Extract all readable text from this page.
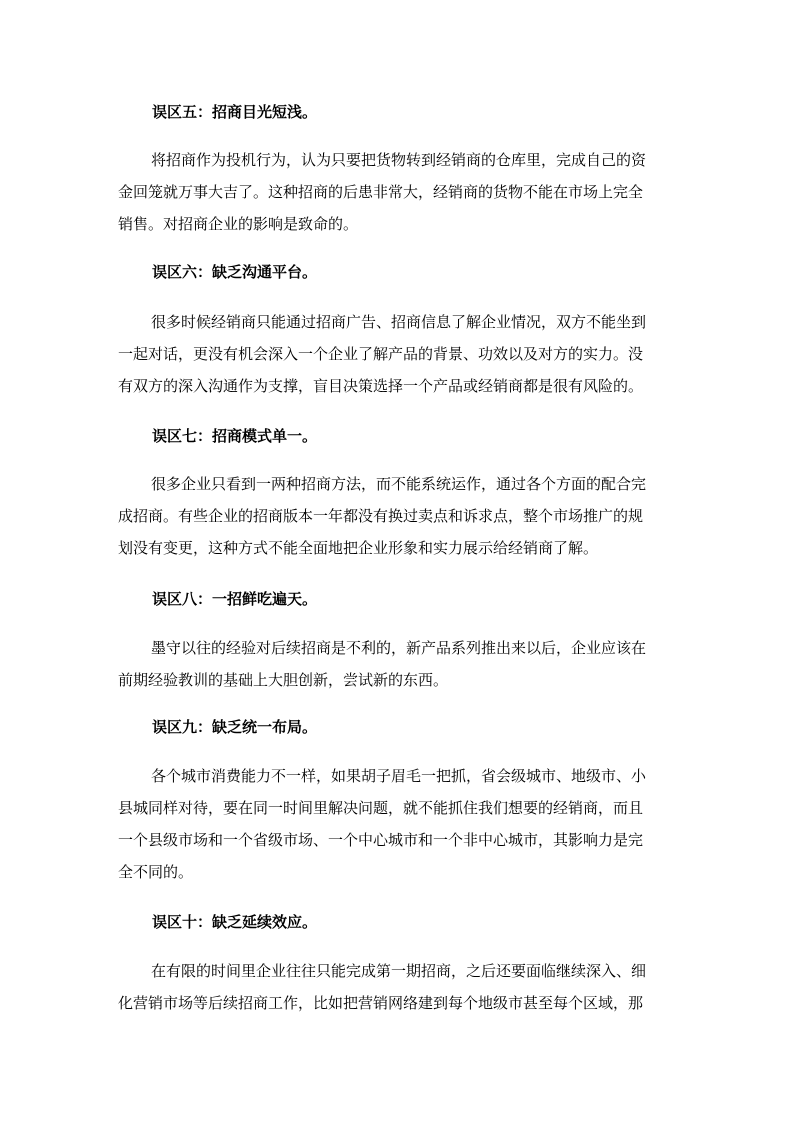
误区五：招商目光短浅。
将招商作为投机行为，认为只要把货物转到经销商的仓库里，完成自己的资
金回笼就万事大吉了。这种招商的后患非常大，经销商的货物不能在市场上完全
销售。对招商企业的影响是致命的。
误区六：缺乏沟通平台。
很多时候经销商只能通过招商广告、招商信息了解企业情况，双方不能坐到
一起对话，更没有机会深入一个企业了解产品的背景、功效以及对方的实力。没
有双方的深入沟通作为支撑，盲目决策选择一个产品或经销商都是很有风险的。
误区七：招商模式单一。
很多企业只看到一两种招商方法，而不能系统运作，通过各个方面的配合完
成招商。有些企业的招商版本一年都没有换过卖点和诉求点，整个市场推广的规
划没有变更，这种方式不能全面地把企业形象和实力展示给经销商了解。
误区八：一招鲜吃遍天。
墨守以往的经验对后续招商是不利的，新产品系列推出来以后，企业应该在
前期经验教训的基础上大胆创新，尝试新的东西。
误区九：缺乏统一布局。
各个城市消费能力不一样，如果胡子眉毛一把抓，省会级城市、地级市、小
县城同样对待，要在同一时间里解决问题，就不能抓住我们想要的经销商，而且
一个县级市场和一个省级市场、一个中心城市和一个非中心城市，其影响力是完
全不同的。
误区十：缺乏延续效应。
在有限的时间里企业往往只能完成第一期招商，之后还要面临继续深入、细
化营销市场等后续招商工作，比如把营销网络建到每个地级市甚至每个区域，那
